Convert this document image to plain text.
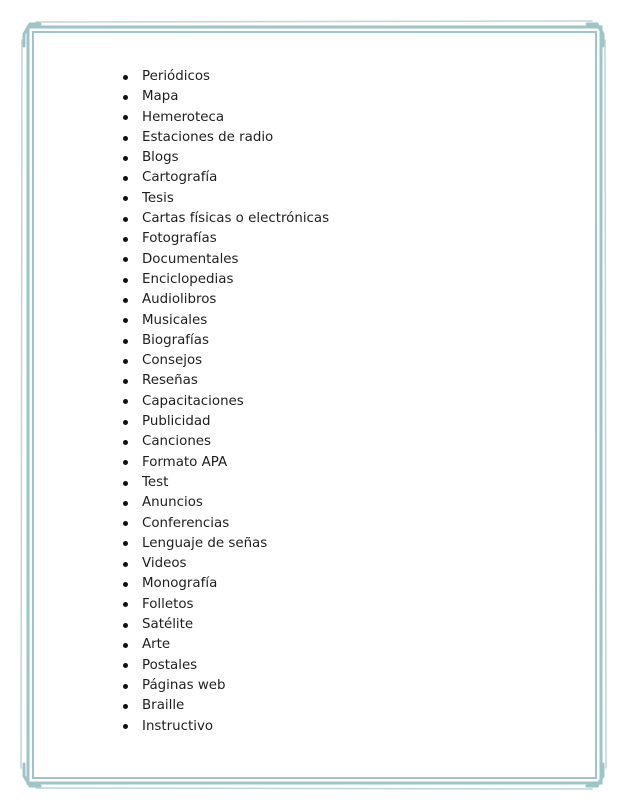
Periódicos
Mapa
Hemeroteca
Estaciones de radio
Blogs
Cartografía
Tesis
Cartas físicas o electrónicas
Fotografías
Documentales
Enciclopedias
Audiolibros
Musicales
Biografías
Consejos
Reseñas
Capacitaciones
Publicidad
Canciones
Formato APA
Test
Anuncios
Conferencias
Lenguaje de señas
Videos
Monografía
Folletos
Satélite
Arte
Postales
Páginas web
Braille
Instructivo
